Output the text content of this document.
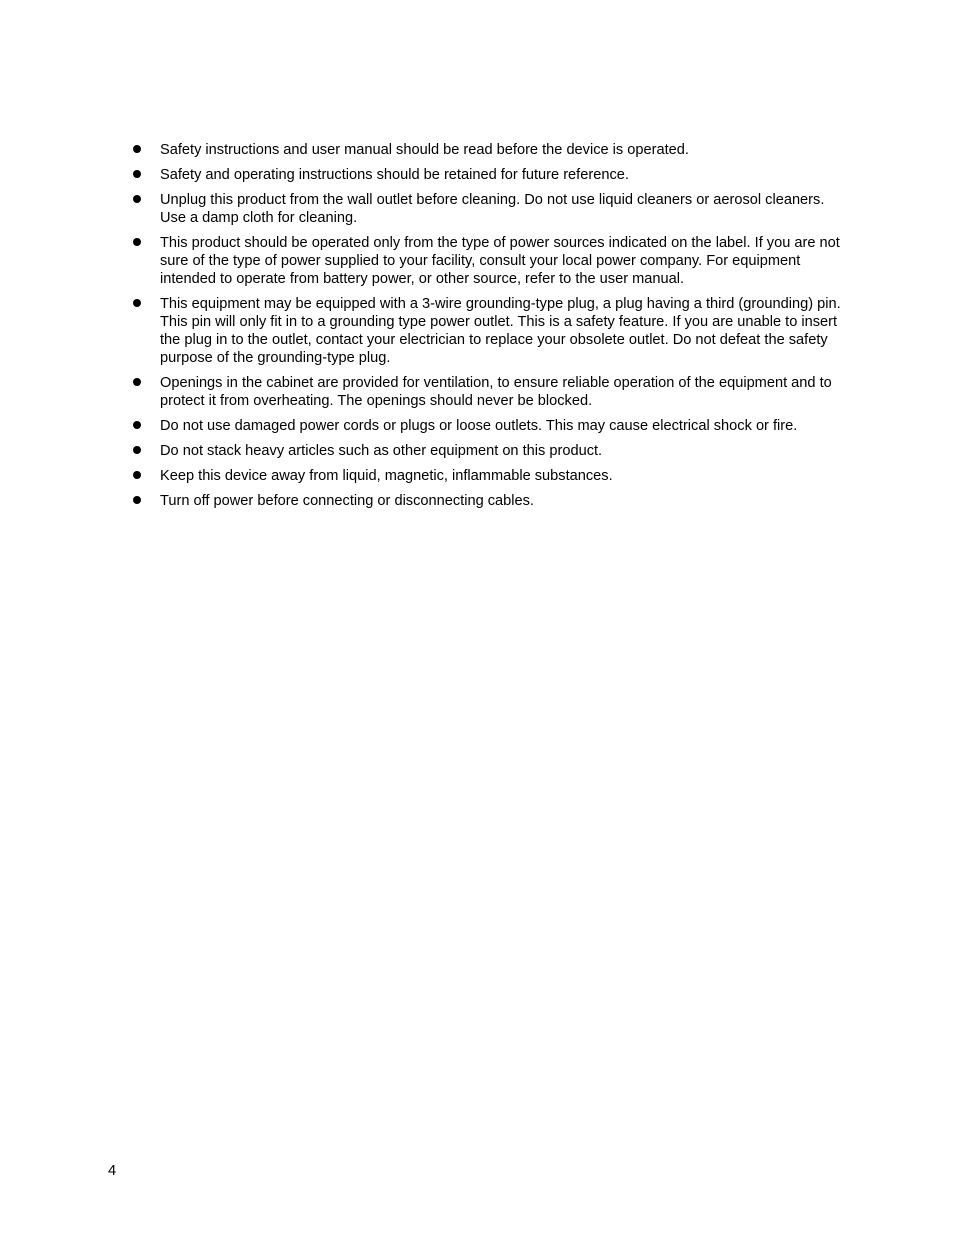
Safety instructions and user manual should be read before the device is operated.
Safety and operating instructions should be retained for future reference.
Unplug this product from the wall outlet before cleaning. Do not use liquid cleaners or aerosol cleaners. Use a damp cloth for cleaning.
This product should be operated only from the type of power sources indicated on the label. If you are not sure of the type of power supplied to your facility, consult your local power company. For equipment intended to operate from battery power, or other source, refer to the user manual.
This equipment may be equipped with a 3-wire grounding-type plug, a plug having a third (grounding) pin. This pin will only fit in to a grounding type power outlet. This is a safety feature. If you are unable to insert the plug in to the outlet, contact your electrician to replace your obsolete outlet. Do not defeat the safety purpose of the grounding-type plug.
Openings in the cabinet are provided for ventilation, to ensure reliable operation of the equipment and to protect it from overheating. The openings should never be blocked.
Do not use damaged power cords or plugs or loose outlets. This may cause electrical shock or fire.
Do not stack heavy articles such as other equipment on this product.
Keep this device away from liquid, magnetic, inflammable substances.
Turn off power before connecting or disconnecting cables.
4
